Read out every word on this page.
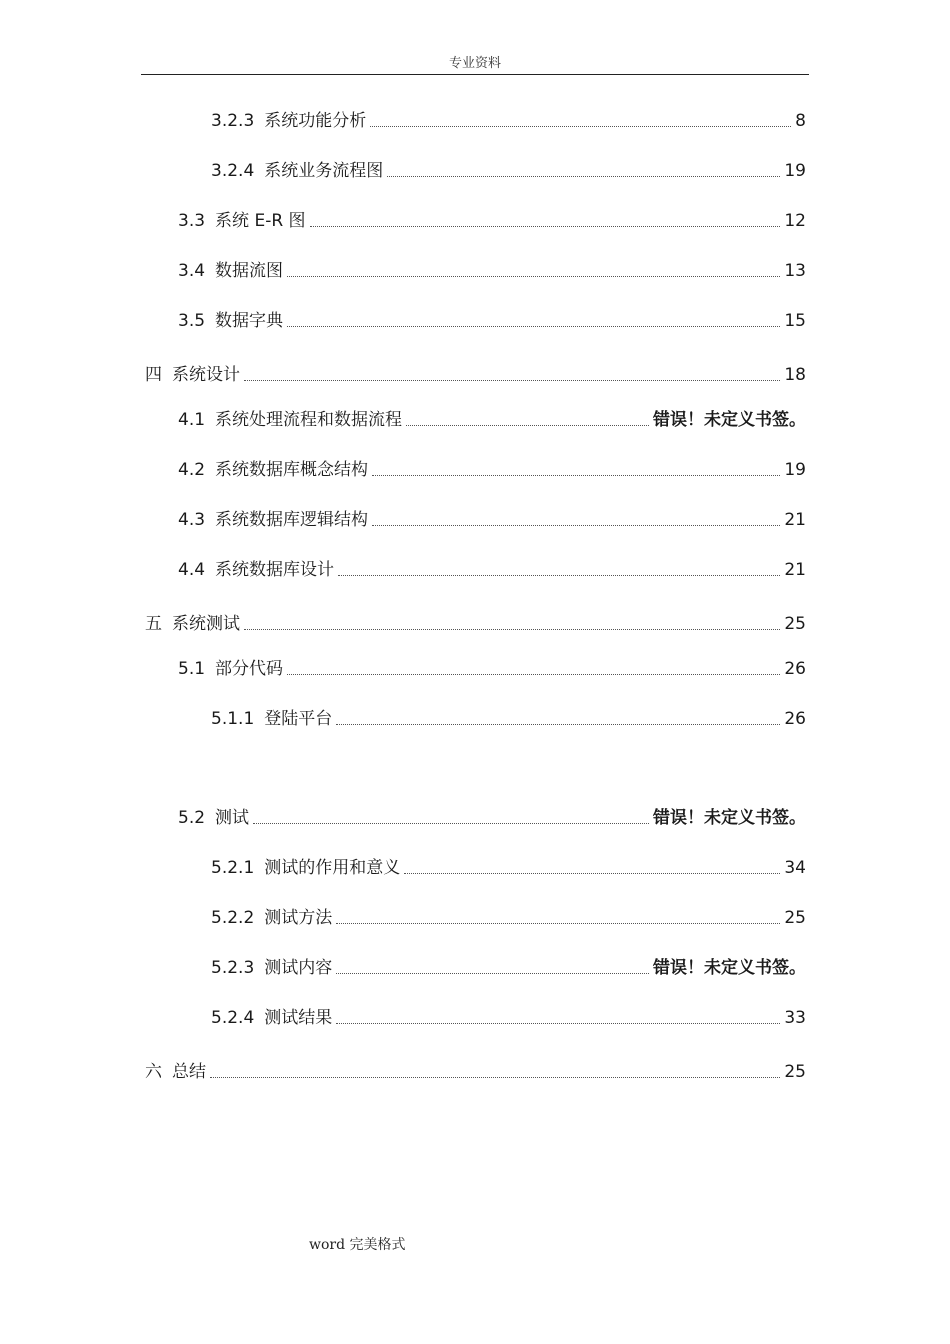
专业资料
3.2.3 系统功能分析	8
3.2.4 系统业务流程图	19
3.3 系统 E-R 图	12
3.4 数据流图	13
3.5 数据字典	15
四 系统设计	18
4.1 系统处理流程和数据流程	错误！未定义书签。
4.2 系统数据库概念结构	19
4.3 系统数据库逻辑结构	21
4.4 系统数据库设计	21
五 系统测试	25
5.1 部分代码	26
5.1.1 登陆平台	26
5.2 测试	错误！未定义书签。
5.2.1 测试的作用和意义	34
5.2.2 测试方法	25
5.2.3 测试内容	错误！未定义书签。
5.2.4 测试结果	33
六 总结	25
word 完美格式
